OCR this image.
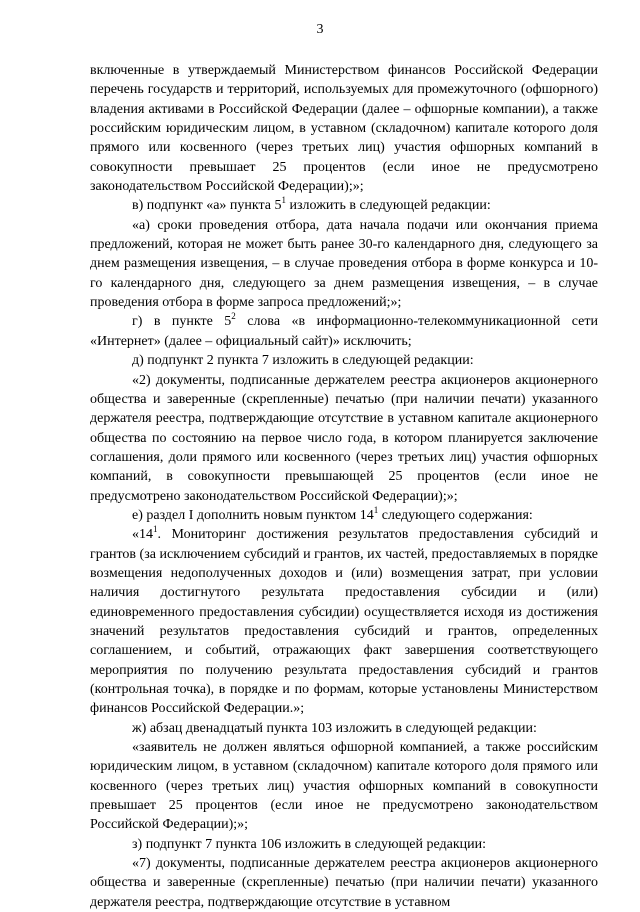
3

включенные в утверждаемый Министерством финансов Российской Федерации перечень государств и территорий, используемых для промежуточного (офшорного) владения активами в Российской Федерации (далее – офшорные компании), а также российским юридическим лицом, в уставном (складочном) капитале которого доля прямого или косвенного (через третьих лиц) участия офшорных компаний в совокупности превышает 25 процентов (если иное не предусмотрено законодательством Российской Федерации);»;

в) подпункт «а» пункта $5^1$ изложить в следующей редакции:

«а) сроки проведения отбора, дата начала подачи или окончания приема предложений, которая не может быть ранее 30-го календарного дня, следующего за днем размещения извещения, – в случае проведения отбора в форме конкурса и 10-го календарного дня, следующего за днем размещения извещения, – в случае проведения отбора в форме запроса предложений;»;

г) в пункте $5^2$ слова «в информационно-телекоммуникационной сети «Интернет» (далее – официальный сайт)» исключить;

д) подпункт 2 пункта 7 изложить в следующей редакции:

«2) документы, подписанные держателем реестра акционеров акционерного общества и заверенные (скрепленные) печатью (при наличии печати) указанного держателя реестра, подтверждающие отсутствие в уставном капитале акционерного общества по состоянию на первое число года, в котором планируется заключение соглашения, доли прямого или косвенного (через третьих лиц) участия офшорных компаний, в совокупности превышающей 25 процентов (если иное не предусмотрено законодательством Российской Федерации);»;

е) раздел I дополнить новым пунктом $14^1$ следующего содержания:

«$14^1$. Мониторинг достижения результатов предоставления субсидий и грантов (за исключением субсидий и грантов, их частей, предоставляемых в порядке возмещения недополученных доходов и (или) возмещения затрат, при условии наличия достигнутого результата предоставления субсидии и (или) единовременного предоставления субсидии) осуществляется исходя из достижения значений результатов предоставления субсидий и грантов, определенных соглашением, и событий, отражающих факт завершения соответствующего мероприятия по получению результата предоставления субсидий и грантов (контрольная точка), в порядке и по формам, которые установлены Министерством финансов Российской Федерации.»;

ж) абзац двенадцатый пункта 103 изложить в следующей редакции:

«заявитель не должен являться офшорной компанией, а также российским юридическим лицом, в уставном (складочном) капитале которого доля прямого или косвенного (через третьих лиц) участия офшорных компаний в совокупности превышает 25 процентов (если иное не предусмотрено законодательством Российской Федерации);»;

з) подпункт 7 пункта 106 изложить в следующей редакции:

«7) документы, подписанные держателем реестра акционеров акционерного общества и заверенные (скрепленные) печатью (при наличии печати) указанного держателя реестра, подтверждающие отсутствие в уставном
